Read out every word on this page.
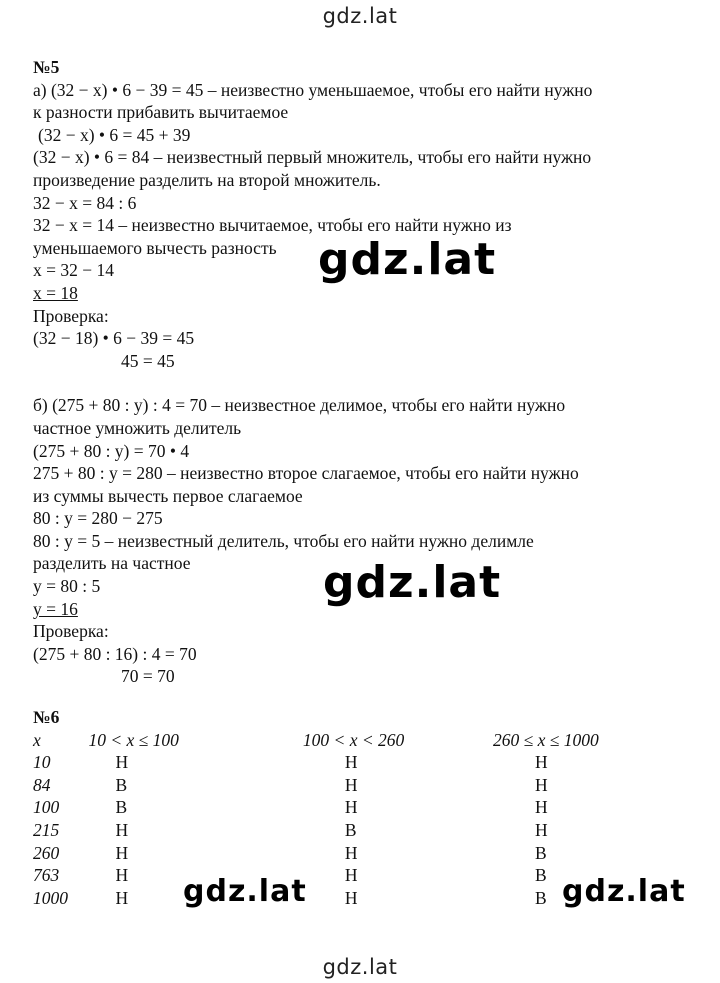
gdz.lat
№5
а) (32 − x) • 6 − 39 = 45 – неизвестно уменьшаемое, чтобы его найти нужно
к разности прибавить вычитаемое
(32 − x) • 6 = 45 + 39
(32 − x) • 6 = 84 – неизвестный первый множитель, чтобы его найти нужно
произведение разделить на второй множитель.
32 − x = 84 : 6
32 − x = 14 – неизвестно вычитаемое, чтобы его найти нужно из
уменьшаемого вычесть разность
x = 32 − 14
x = 18
Проверка:
(32 − 18) • 6 − 39 = 45
45 = 45
б) (275 + 80 : y) : 4 = 70 – неизвестное делимое, чтобы его найти нужно
частное умножить делитель
(275 + 80 : y) = 70 • 4
275 + 80 : y = 280 – неизвестно второе слагаемое, чтобы его найти нужно
из суммы вычесть первое слагаемое
80 : y = 280 − 275
80 : y = 5 – неизвестный делитель, чтобы его найти нужно делимле
разделить на частное
y = 80 : 5
y = 16
Проверка:
(275 + 80 : 16) : 4 = 70
70 = 70
№6
x	10 < x ≤ 100	100 < x < 260	260 ≤ x ≤ 1000
10	Н	Н	Н
84	В	Н	Н
100	В	Н	Н
215	Н	В	Н
260	Н	Н	В
763	Н	Н	В
1000	Н	Н	В
gdz.lat
gdz.lat
gdz.lat	gdz.lat
gdz.lat
